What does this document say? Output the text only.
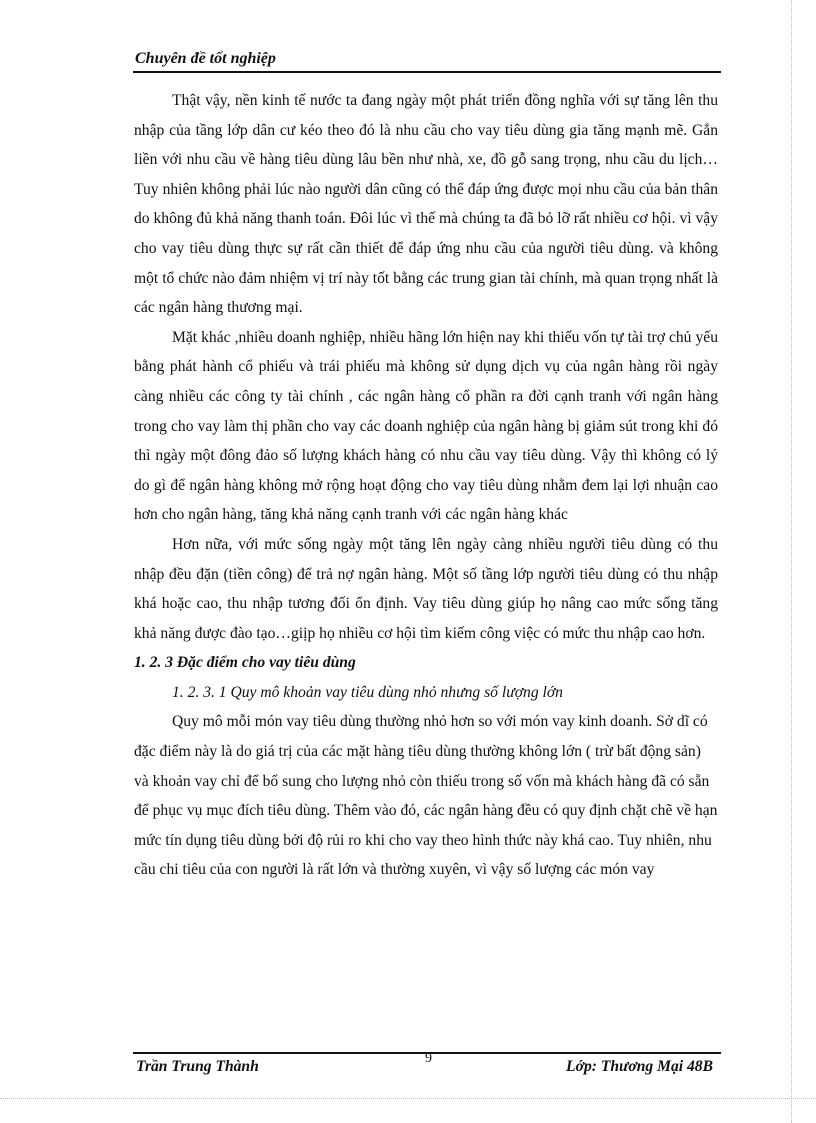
Chuyên đề tốt nghiệp

Thật vậy, nền kinh tế nước ta đang ngày một phát triển đồng nghĩa với sự tăng lên thu nhập của tầng lớp dân cư kéo theo đó là nhu cầu cho vay tiêu dùng gia tăng mạnh mẽ. Gắn liền với nhu cầu về hàng tiêu dùng lâu bền như nhà, xe, đồ gỗ sang trọng, nhu cầu du lịch…Tuy nhiên không phải lúc nào người dân cũng có thể đáp ứng được mọi nhu cầu của bản thân do không đủ khả năng thanh toán. Đôi lúc vì thế mà chúng ta đã bỏ lỡ rất nhiều cơ hội. vì vậy cho vay tiêu dùng thực sự rất cần thiết để đáp ứng nhu cầu của người tiêu dùng. và không một tổ chức nào đảm nhiệm vị trí này tốt bằng các trung gian tài chính, mà quan trọng nhất là các ngân hàng thương mại.

Mặt khác ,nhiều doanh nghiệp, nhiều hãng lớn hiện nay khi thiếu vốn tự tài trợ chủ yếu bằng phát hành cổ phiếu và trái phiếu mà không sử dụng dịch vụ của ngân hàng rồi ngày càng nhiều các công ty tài chính , các ngân hàng cổ phần ra đời cạnh tranh với ngân hàng trong cho vay làm thị phần cho vay các doanh nghiệp của ngân hàng bị giảm sút trong khi đó thì ngày một đông đảo số lượng khách hàng có nhu cầu vay tiêu dùng. Vậy thì không có lý do gì để ngân hàng không mở rộng hoạt động cho vay tiêu dùng nhằm đem lại lợi nhuận cao hơn cho ngân hàng, tăng khả năng cạnh tranh với các ngân hàng khác

Hơn nữa, với mức sống ngày một tăng lên ngày càng nhiều người tiêu dùng có thu nhập đều đặn (tiền công) để trả nợ ngân hàng. Một số tầng lớp người tiêu dùng có thu nhập khá hoặc cao, thu nhập tương đối ổn định. Vay tiêu dùng giúp họ nâng cao mức sống tăng khả năng được đào tạo…giịp họ nhiều cơ hội tìm kiếm công việc có mức thu nhập cao hơn.

1. 2. 3 Đặc điểm cho vay tiêu dùng

1. 2. 3. 1 Quy mô khoản vay tiêu dùng nhỏ nhưng số lượng lớn

Quy mô mỗi món vay tiêu dùng thường nhỏ hơn so với món vay kinh doanh. Sở dĩ có đặc điểm này là do giá trị của các mặt hàng tiêu dùng thường không lớn ( trừ bất động sản) và khoản vay chỉ để bổ sung cho lượng nhỏ còn thiếu trong số vốn mà khách hàng đã có sẵn để phục vụ mục đích tiêu dùng. Thêm vào đó, các ngân hàng đều có quy định chặt chẽ về hạn mức tín dụng tiêu dùng bởi độ rủi ro khi cho vay theo hình thức này khá cao. Tuy nhiên, nhu cầu chi tiêu của con người là rất lớn và thường xuyên, vì vậy số lượng các món vay

Trần Trung Thành	9	Lớp: Thương Mại 48B
